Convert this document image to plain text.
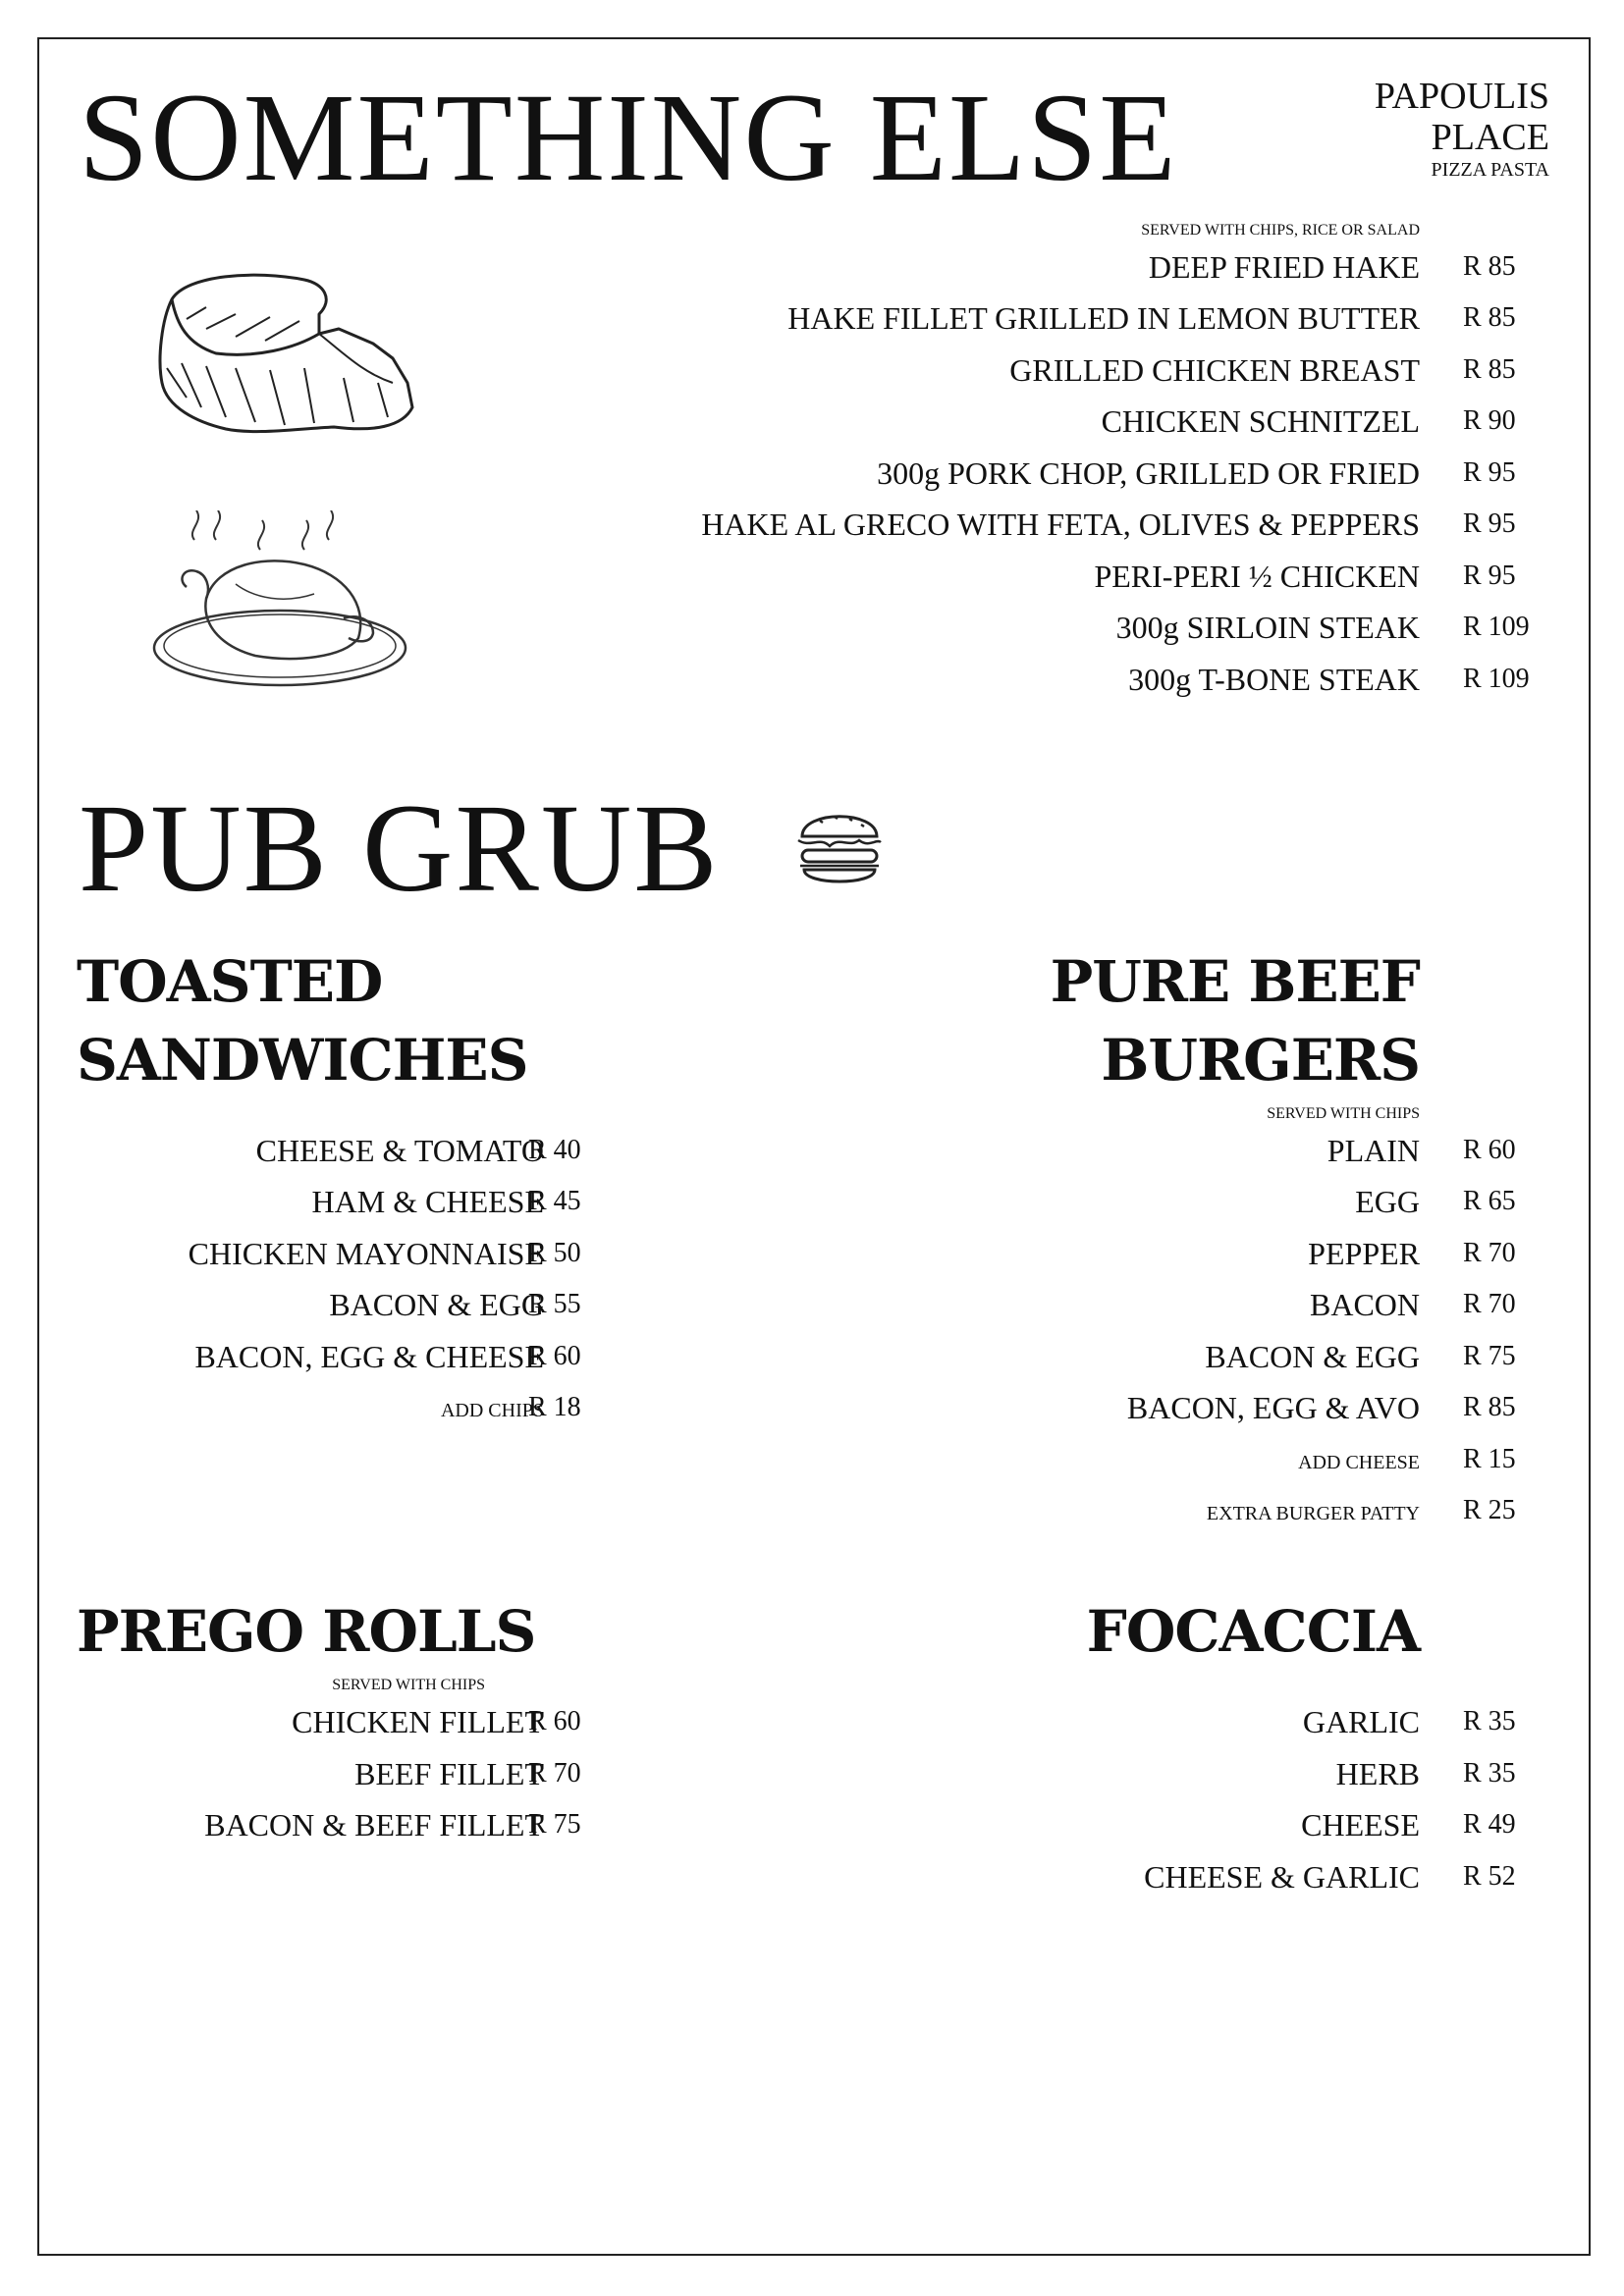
SOMETHING ELSE	PAPOULIS
PLACE
PIZZA PASTA
SERVED WITH CHIPS, RICE OR SALAD
DEEP FRIED HAKE R 85
HAKE FILLET GRILLED IN LEMON BUTTER R 85
GRILLED CHICKEN BREAST R 85
CHICKEN SCHNITZEL R 90
300g PORK CHOP, GRILLED OR FRIED R 95
HAKE AL GRECO WITH FETA, OLIVES & PEPPERS R 95
PERI-PERI ½ CHICKEN R 95
300g SIRLOIN STEAK R 109
300g T-BONE STEAK R 109
PUB GRUB
TOASTED
SANDWICHES
CHEESE & TOMATO
R 40
HAM & CHEESE
R 45
CHICKEN MAYONNAISE
R 50
BACON & EGG
R 55
BACON, EGG & CHEESE
R 60
ADD CHIPS
R 18
PURE BEEF
BURGERS
SERVED WITH CHIPS
PLAIN R 60
EGG R 65
PEPPER R 70
BACON R 70
BACON & EGG R 75
BACON, EGG & AVO R 85
ADD CHEESE R 15
EXTRA BURGER PATTY R 25
PREGO ROLLS
SERVED WITH CHIPS
CHICKEN FILLET
R 60
BEEF FILLET
R 70
BACON & BEEF FILLET
R 75
FOCACCIA
GARLIC R 35
HERB R 35
CHEESE R 49
CHEESE & GARLIC R 52
